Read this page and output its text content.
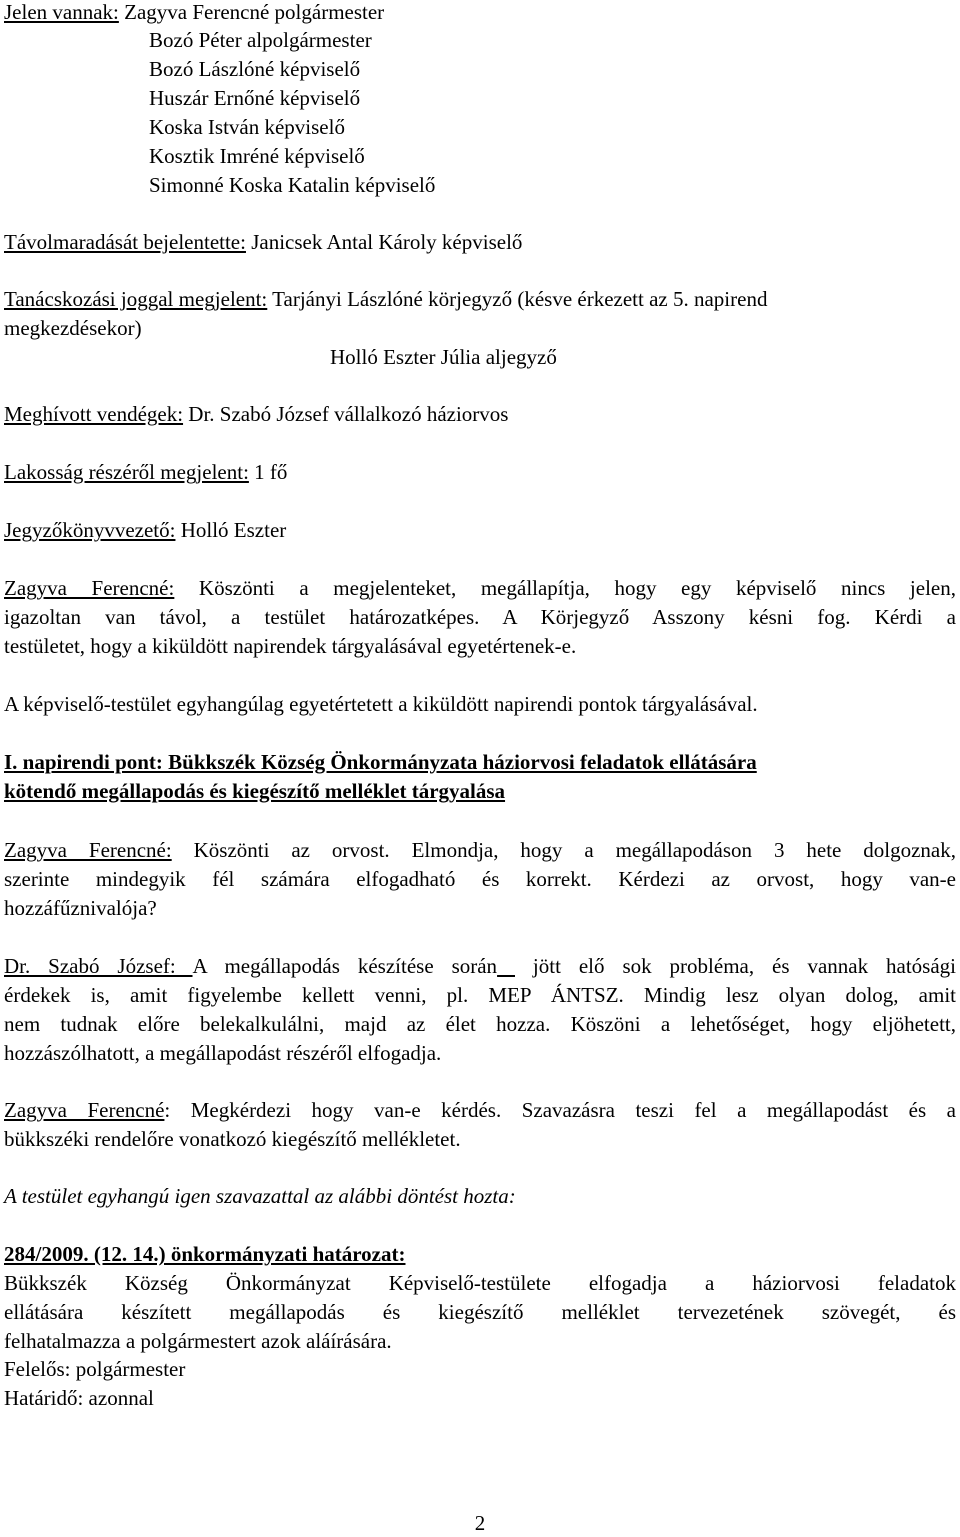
Jelen vannak: Zagyva Ferencné polgármester
Bozó Péter alpolgármester
Bozó Lászlóné képviselő
Huszár Ernőné képviselő
Koska István képviselő
Kosztik Imréné képviselő
Simonné Koska Katalin képviselő
Távolmaradását bejelentette: Janicsek Antal Károly képviselő
Tanácskozási joggal megjelent: Tarjányi Lászlóné körjegyző (késve érkezett az 5. napirend
megkezdésekor)
Holló Eszter Júlia aljegyző
Meghívott vendégek: Dr. Szabó József vállalkozó háziorvos
Lakosság részéről megjelent: 1 fő
Jegyzőkönyvvezető: Holló Eszter
Zagyva Ferencné: Köszönti a megjelenteket, megállapítja, hogy egy képviselő nincs jelen,
igazoltan van távol, a testület határozatképes. A Körjegyző Asszony késni fog. Kérdi a
testületet, hogy a kiküldött napirendek tárgyalásával egyetértenek-e.
A képviselő-testület egyhangúlag egyetértetett a kiküldött napirendi pontok tárgyalásával.
I. napirendi pont: Bükkszék Község Önkormányzata háziorvosi feladatok ellátására
kötendő megállapodás és kiegészítő melléklet tárgyalása
Zagyva Ferencné: Köszönti az orvost. Elmondja, hogy a megállapodáson 3 hete dolgoznak,
szerinte mindegyik fél számára elfogadható és korrekt. Kérdezi az orvost, hogy van-e
hozzáfűznivalója?
Dr. Szabó József: A megállapodás készítése során  jött elő sok probléma, és vannak hatósági
érdekek is, amit figyelembe kellett venni, pl. MEP ÁNTSZ. Mindig lesz olyan dolog, amit
nem tudnak előre belekalkulálni, majd az élet hozza. Köszöni a lehetőséget, hogy eljöhetett,
hozzászólhatott, a megállapodást részéről elfogadja.
Zagyva Ferencné: Megkérdezi hogy van-e kérdés. Szavazásra teszi fel a megállapodást és a
bükkszéki rendelőre vonatkozó kiegészítő mellékletet.
A testület egyhangú igen szavazattal az alábbi döntést hozta:
284/2009. (12. 14.) önkormányzati határozat:
Bükkszék Község Önkormányzat Képviselő-testülete elfogadja a háziorvosi feladatok
ellátására készített megállapodás és kiegészítő melléklet tervezetének szövegét, és
felhatalmazza a polgármestert azok aláírására.
Felelős: polgármester
Határidő: azonnal
2
